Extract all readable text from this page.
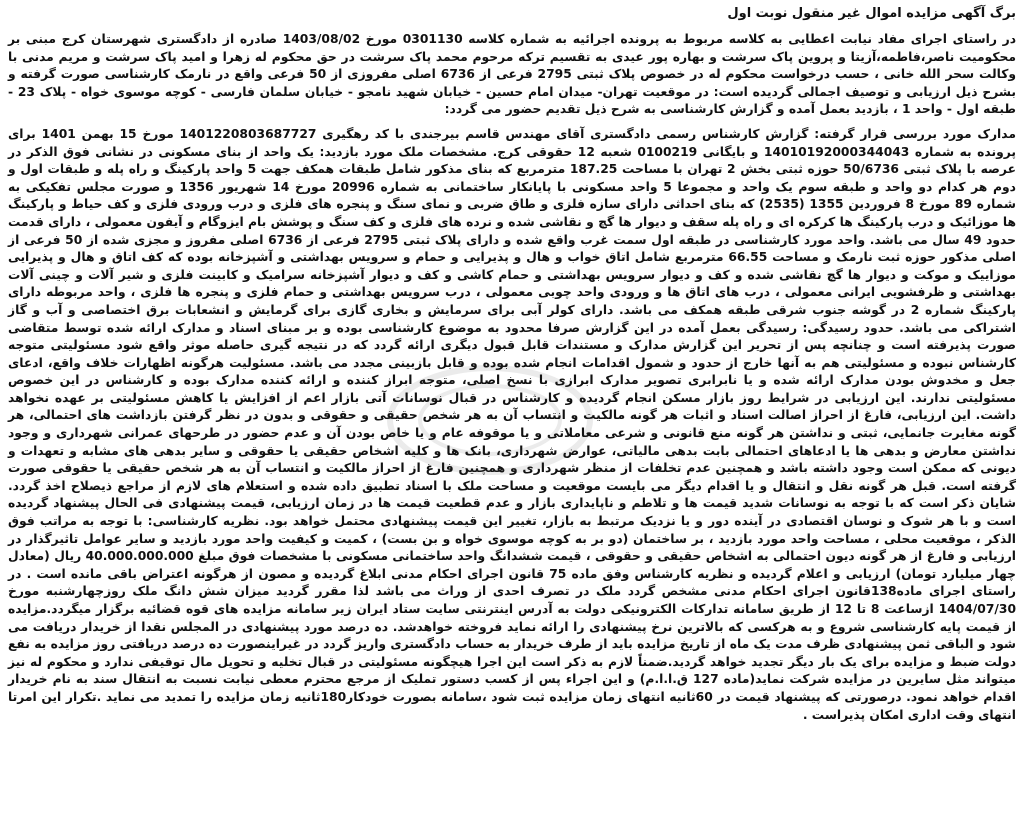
برگ آگهی مزایده اموال غیر منقول نوبت اول
در راستای اجرای مفاد نیابت اعطایی به کلاسه مربوط به پرونده اجرائیه به شماره کلاسه 0301130 مورخ 1403/08/02 صادره از دادگستری شهرستان کرج مبنی بر محکومیت ناصر،فاطمه،آزیتا و پروین پاک سرشت و بهاره پور عیدی به تقسیم ترکه مرحوم محمد پاک سرشت در حق محکوم له زهرا و امید پاک سرشت و مریم مدنی با وکالت سحر الله خانی ، حسب درخواست محکوم له در خصوص پلاک ثبتی 2795 فرعی از 6736 اصلی مفروزی از 50 فرعی واقع در نارمک کارشناسی صورت گرفته و بشرح ذیل ارزیابی و توصیف اجمالی گردیده است: در موقعیت تهران- میدان امام حسین - خیابان شهید نامجو - خیابان سلمان فارسی - کوچه موسوی خواه - پلاک 23 - طبقه اول - واحد 1 ، بازدید بعمل آمده و گزارش کارشناسی به شرح ذیل تقدیم حضور می گردد:
مدارک مورد بررسی قرار گرفته: گزارش کارشناس رسمی دادگستری آقای مهندس قاسم بیرجندی با کد رهگیری 1401220803687727 مورخ 15 بهمن 1401 برای پرونده به شماره 14010192000344043 و بایگانی 0100219 شعبه 12 حقوقی کرج. مشخصات ملک مورد بازدید: یک واحد از بنای مسکونی در نشانی فوق الذکر در عرصه با پلاک ثبتی 50/6736 حوزه ثبتی بخش 2 تهران با مساحت 187.25 مترمربع که بنای مذکور شامل طبقات همکف جهت 5 واحد پارکینگ و راه پله و طبقات اول و دوم هر کدام دو واحد و طبقه سوم یک واحد و مجموعا 5 واحد مسکونی با پایانکار ساختمانی به شماره 20996 مورخ 14 شهریور 1356 و صورت مجلس تفکیکی به شماره 89 مورخ 8 فروردین 1355 (2535) که بنای احداثی دارای سازه فلزی و طاق ضربی و نمای سنگ و پنجره های فلزی و درب ورودی فلزی و کف حیاط و پارکینگ ها موزائیک و درب پارکینگ ها کرکره ای و راه پله سقف و دیوار ها گچ و نقاشی شده و نرده های فلزی و کف سنگ و پوشش بام ایزوگام و آیفون معمولی ، دارای قدمت حدود 49 سال می باشد. واحد مورد کارشناسی در طبقه اول سمت غرب واقع شده و دارای پلاک ثبتی 2795 فرعی از 6736 اصلی مفروز و مجزی شده از 50 فرعی از اصلی مذکور حوزه ثبت نارمک و مساحت 66.55 مترمربع شامل اتاق خواب و هال و پذیرایی و حمام و سرویس بهداشتی و آشپزخانه بوده که کف اتاق و هال و پذیرایی موزاییک و موکت و دیوار ها گچ نقاشی شده و کف و دیوار سرویس بهداشتی و حمام کاشی و کف و دیوار آشپزخانه سرامیک و کابینت فلزی و شیر آلات و چینی آلات بهداشتی و ظرفشویی ایرانی معمولی ، درب های اتاق ها و ورودی واحد چوبی معمولی ، درب سرویس بهداشتی و حمام فلزی و پنجره ها فلزی ، واحد مربوطه دارای پارکینگ شماره 2 در گوشه جنوب شرقی طبقه همکف می باشد. دارای کولر آبی برای سرمایش و بخاری گازی برای گرمایش و انشعابات برق اختصاصی و آب و گاز اشتراکی می باشد. حدود رسیدگی: رسیدگی بعمل آمده در این گزارش صرفا محدود به موضوع کارشناسی بوده و بر مبنای اسناد و مدارک ارائه شده توسط متقاضی صورت پذیرفته است و چنانچه پس از تحریر این گزارش مدارک و مستندات قابل قبول دیگری ارائه گردد که در نتیجه گیری حاصله موثر واقع شود مسئولیتی متوجه کارشناس نبوده و مسئولیتی هم به آنها خارج از حدود و شمول اقدامات انجام شده بوده و قابل بازبینی مجدد می باشد. مسئولیت هرگونه اظهارات خلاف واقع، ادعای جعل و مخدوش بودن مدارک ارائه شده و یا نابرابری تصویر مدارک ابرازی با نسخ اصلی، متوجه ابراز کننده و ارائه کننده مدارک بوده و کارشناس در این خصوص مسئولیتی ندارند. این ارزیابی در شرایط روز بازار مسکن انجام گردیده و کارشناس در قبال نوسانات آتی بازار اعم از افزایش یا کاهش مسئولیتی بر عهده نخواهد داشت. این ارزیابی، فارغ از احراز اصالت اسناد و اثبات هر گونه مالکیت و انتساب آن به هر شخص حقیقی و حقوقی و بدون در نظر گرفتن بازداشت های احتمالی، هر گونه مغایرت جانمایی، ثبتی و نداشتن هر گونه منع قانونی و شرعی معاملاتی و یا موقوفه عام و یا خاص بودن آن و عدم حضور در طرحهای عمرانی شهرداری و وجود نداشتن معارض و بدهی ها یا ادعاهای احتمالی بابت بدهی مالیاتی، عوارض شهرداری، بانک ها و کلیه اشخاص حقیقی یا حقوقی و سایر بدهی های مشابه و تعهدات و دیونی که ممکن است وجود داشته باشد و همچنین عدم تخلفات از منظر شهرداری و همچنین فارغ از احراز مالکیت و انتساب آن به هر شخص حقیقی یا حقوقی صورت گرفته است. قبل هر گونه نقل و انتقال و یا اقدام دیگر می بایست موقعیت و مساحت ملک با اسناد تطبیق داده شده و استعلام های لازم از مراجع ذیصلاح اخذ گردد. شایان ذکر است که با توجه به نوسانات شدید قیمت ها و تلاطم و ناپایداری بازار و عدم قطعیت قیمت ها در زمان ارزیابی، قیمت پیشنهادی فی الحال پیشنهاد گردیده است و با هر شوک و نوسان اقتصادی در آینده دور و یا نزدیک مرتبط به بازار، تغییر این قیمت پیشنهادی محتمل خواهد بود. نظریه کارشناسی: با توجه به مراتب فوق الذکر ، موقعیت محلی ، مساحت واحد مورد بازدید ، بر ساختمان (دو بر به کوچه موسوی خواه و بن بست) ، کمیت و کیفیت واحد مورد بازدید و سایر عوامل تاثیرگذار در ارزیابی و فارغ از هر گونه دیون احتمالی به اشخاص حقیقی و حقوقی ، قیمت ششدانگ واحد ساختمانی مسکونی با مشخصات فوق مبلغ 40.000.000.000 ریال (معادل چهار میلیارد تومان) ارزیابی و اعلام گردیده و نظریه کارشناس وفق ماده 75 قانون اجرای احکام مدنی ابلاغ گردیده و مصون از هرگونه اعتراض باقی مانده است . در راستای اجرای ماده138قانون اجرای احکام مدنی مشخص گردد ملک در تصرف احدی از وراث می باشد لذا مقرر گردید میزان شش دانگ ملک روزچهارشنبه مورخ 1404/07/30 ازساعت 8 تا 12 از طریق سامانه تدارکات الکترونیکی دولت به آدرس اینترنتی سایت ستاد ایران زیر سامانه مزایده های قوه قضائیه برگزار میگردد.مزایده از قیمت پایه کارشناسی شروع و به هرکسی که بالاترین نرخ پیشنهادی را ارائه نماید فروخته خواهدشد. ده درصد مورد پیشنهادی در المجلس نقدا از خریدار دریافت می شود و الباقی ثمن پیشنهادی ظرف مدت یک ماه از تاریخ مزایده باید از طرف خریدار به حساب دادگستری واریز گردد در غیراینصورت ده درصد دریافتی روز مزایده به نفع دولت ضبط و مزایده برای یک بار دیگر تجدید خواهد گردید.ضمناً لازم به ذکر است این اجرا هیچگونه مسئولیتی در قبال تخلیه و تحویل مال توقیفی ندارد و محکوم له نیز میتواند مثل سایرین در مزایده شرکت نماید(ماده 127 ق.ا.ا.م) و این اجراء پس از کسب دستور تملیک از مرجع محترم معطی نیابت نسبت به انتقال سند به نام خریدار اقدام خواهد نمود. درصورتی که پیشنهاد قیمت در 60ثانیه انتهای زمان مزایده ثبت شود ،سامانه بصورت خودکار180ثانیه زمان مزایده را تمدید می نماید .تکرار این امرتا انتهای وقت اداری امکان پذیراست .
